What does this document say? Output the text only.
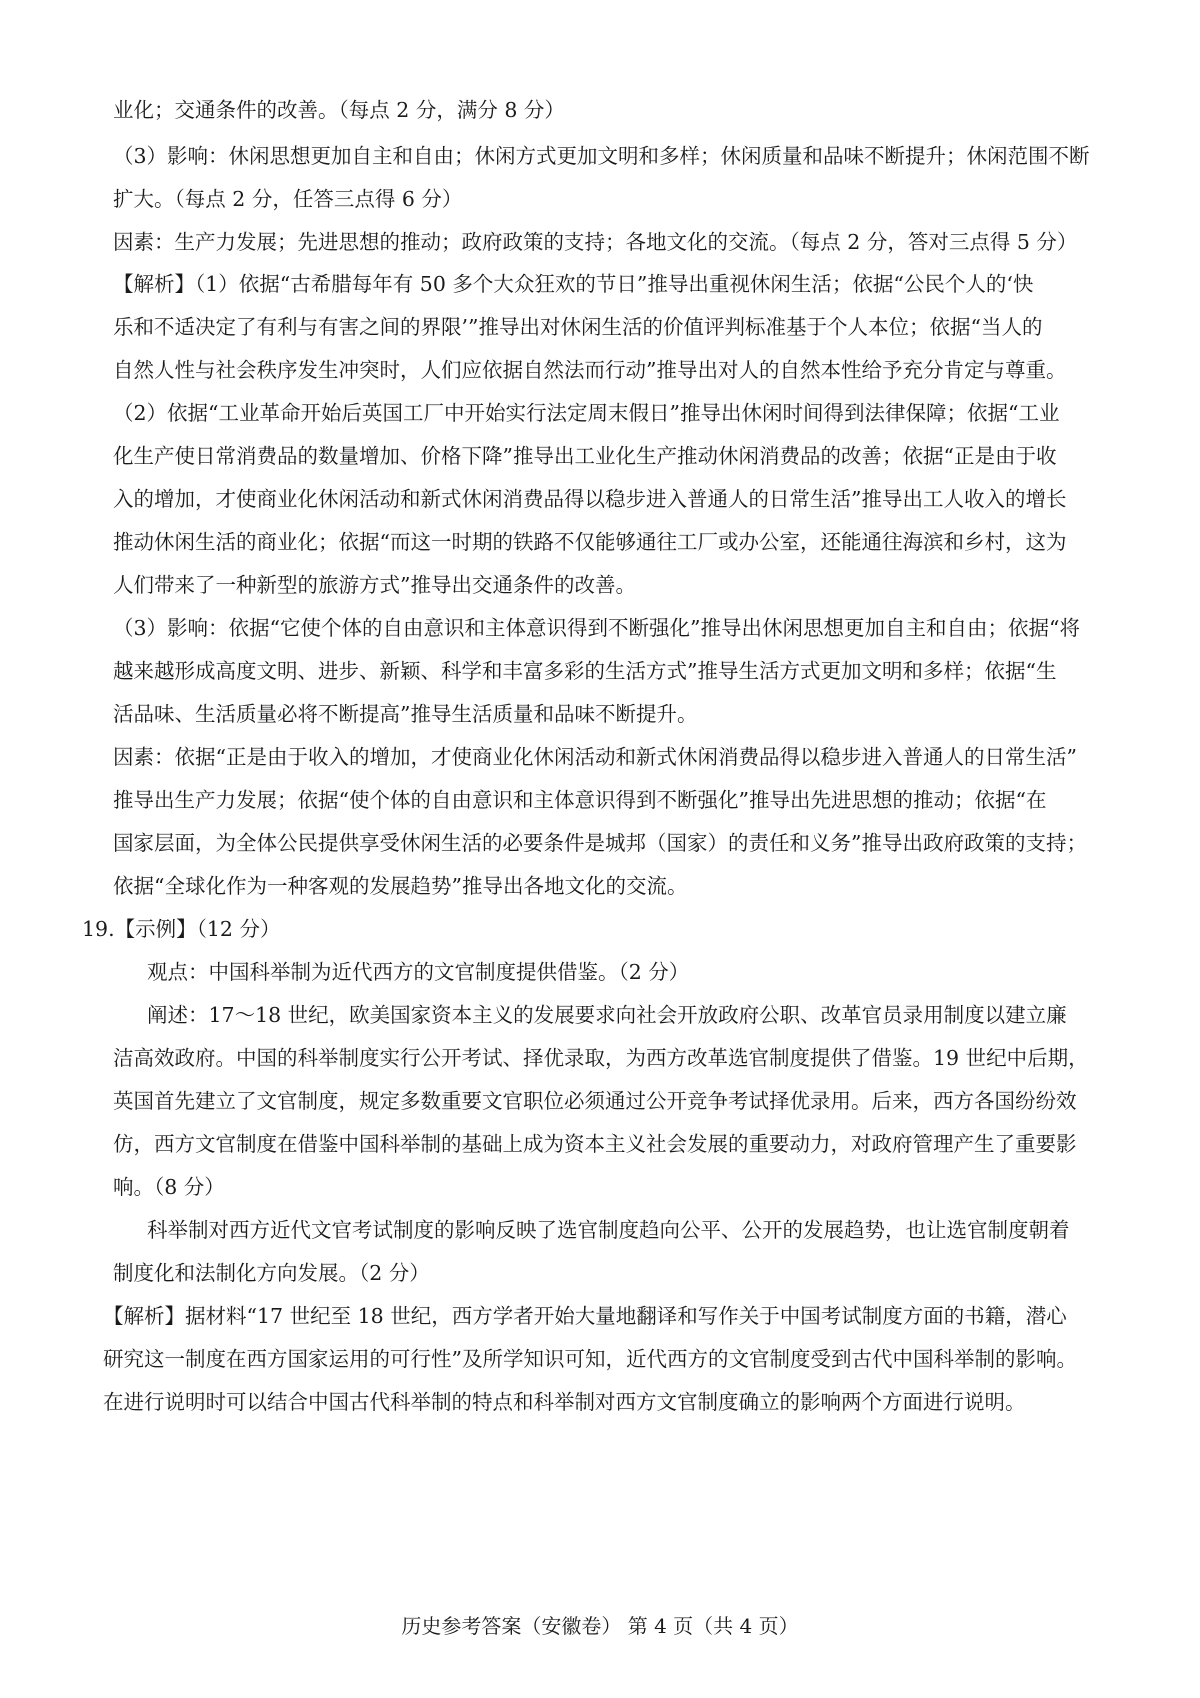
业化；交通条件的改善。（每点 2 分，满分 8 分）
（3）影响：休闲思想更加自主和自由；休闲方式更加文明和多样；休闲质量和品味不断提升；休闲范围不断
扩大。（每点 2 分，任答三点得 6 分）
因素：生产力发展；先进思想的推动；政府政策的支持；各地文化的交流。（每点 2 分，答对三点得 5 分）
【解析】（1）依据“古希腊每年有 50 多个大众狂欢的节日”推导出重视休闲生活；依据“公民个人的‘快
乐和不适决定了有利与有害之间的界限’”推导出对休闲生活的价值评判标准基于个人本位；依据“当人的
自然人性与社会秩序发生冲突时，人们应依据自然法而行动”推导出对人的自然本性给予充分肯定与尊重。
（2）依据“工业革命开始后英国工厂中开始实行法定周末假日”推导出休闲时间得到法律保障；依据“工业
化生产使日常消费品的数量增加、价格下降”推导出工业化生产推动休闲消费品的改善；依据“正是由于收
入的增加，才使商业化休闲活动和新式休闲消费品得以稳步进入普通人的日常生活”推导出工人收入的增长
推动休闲生活的商业化；依据“而这一时期的铁路不仅能够通往工厂或办公室，还能通往海滨和乡村，这为
人们带来了一种新型的旅游方式”推导出交通条件的改善。
（3）影响：依据“它使个体的自由意识和主体意识得到不断强化”推导出休闲思想更加自主和自由；依据“将
越来越形成高度文明、进步、新颖、科学和丰富多彩的生活方式”推导生活方式更加文明和多样；依据“生
活品味、生活质量必将不断提高”推导生活质量和品味不断提升。
因素：依据“正是由于收入的增加，才使商业化休闲活动和新式休闲消费品得以稳步进入普通人的日常生活”
推导出生产力发展；依据“使个体的自由意识和主体意识得到不断强化”推导出先进思想的推动；依据“在
国家层面，为全体公民提供享受休闲生活的必要条件是城邦（国家）的责任和义务”推导出政府政策的支持；
依据“全球化作为一种客观的发展趋势”推导出各地文化的交流。
19.【示例】（12 分）
观点：中国科举制为近代西方的文官制度提供借鉴。（2 分）
阐述：17～18 世纪，欧美国家资本主义的发展要求向社会开放政府公职、改革官员录用制度以建立廉
洁高效政府。中国的科举制度实行公开考试、择优录取，为西方改革选官制度提供了借鉴。19 世纪中后期，
英国首先建立了文官制度，规定多数重要文官职位必须通过公开竞争考试择优录用。后来，西方各国纷纷效
仿，西方文官制度在借鉴中国科举制的基础上成为资本主义社会发展的重要动力，对政府管理产生了重要影
响。（8 分）
科举制对西方近代文官考试制度的影响反映了选官制度趋向公平、公开的发展趋势，也让选官制度朝着
制度化和法制化方向发展。（2 分）
【解析】据材料“17 世纪至 18 世纪，西方学者开始大量地翻译和写作关于中国考试制度方面的书籍，潜心
研究这一制度在西方国家运用的可行性”及所学知识可知，近代西方的文官制度受到古代中国科举制的影响。
在进行说明时可以结合中国古代科举制的特点和科举制对西方文官制度确立的影响两个方面进行说明。
历史参考答案（安徽卷） 第 4 页（共 4 页）
